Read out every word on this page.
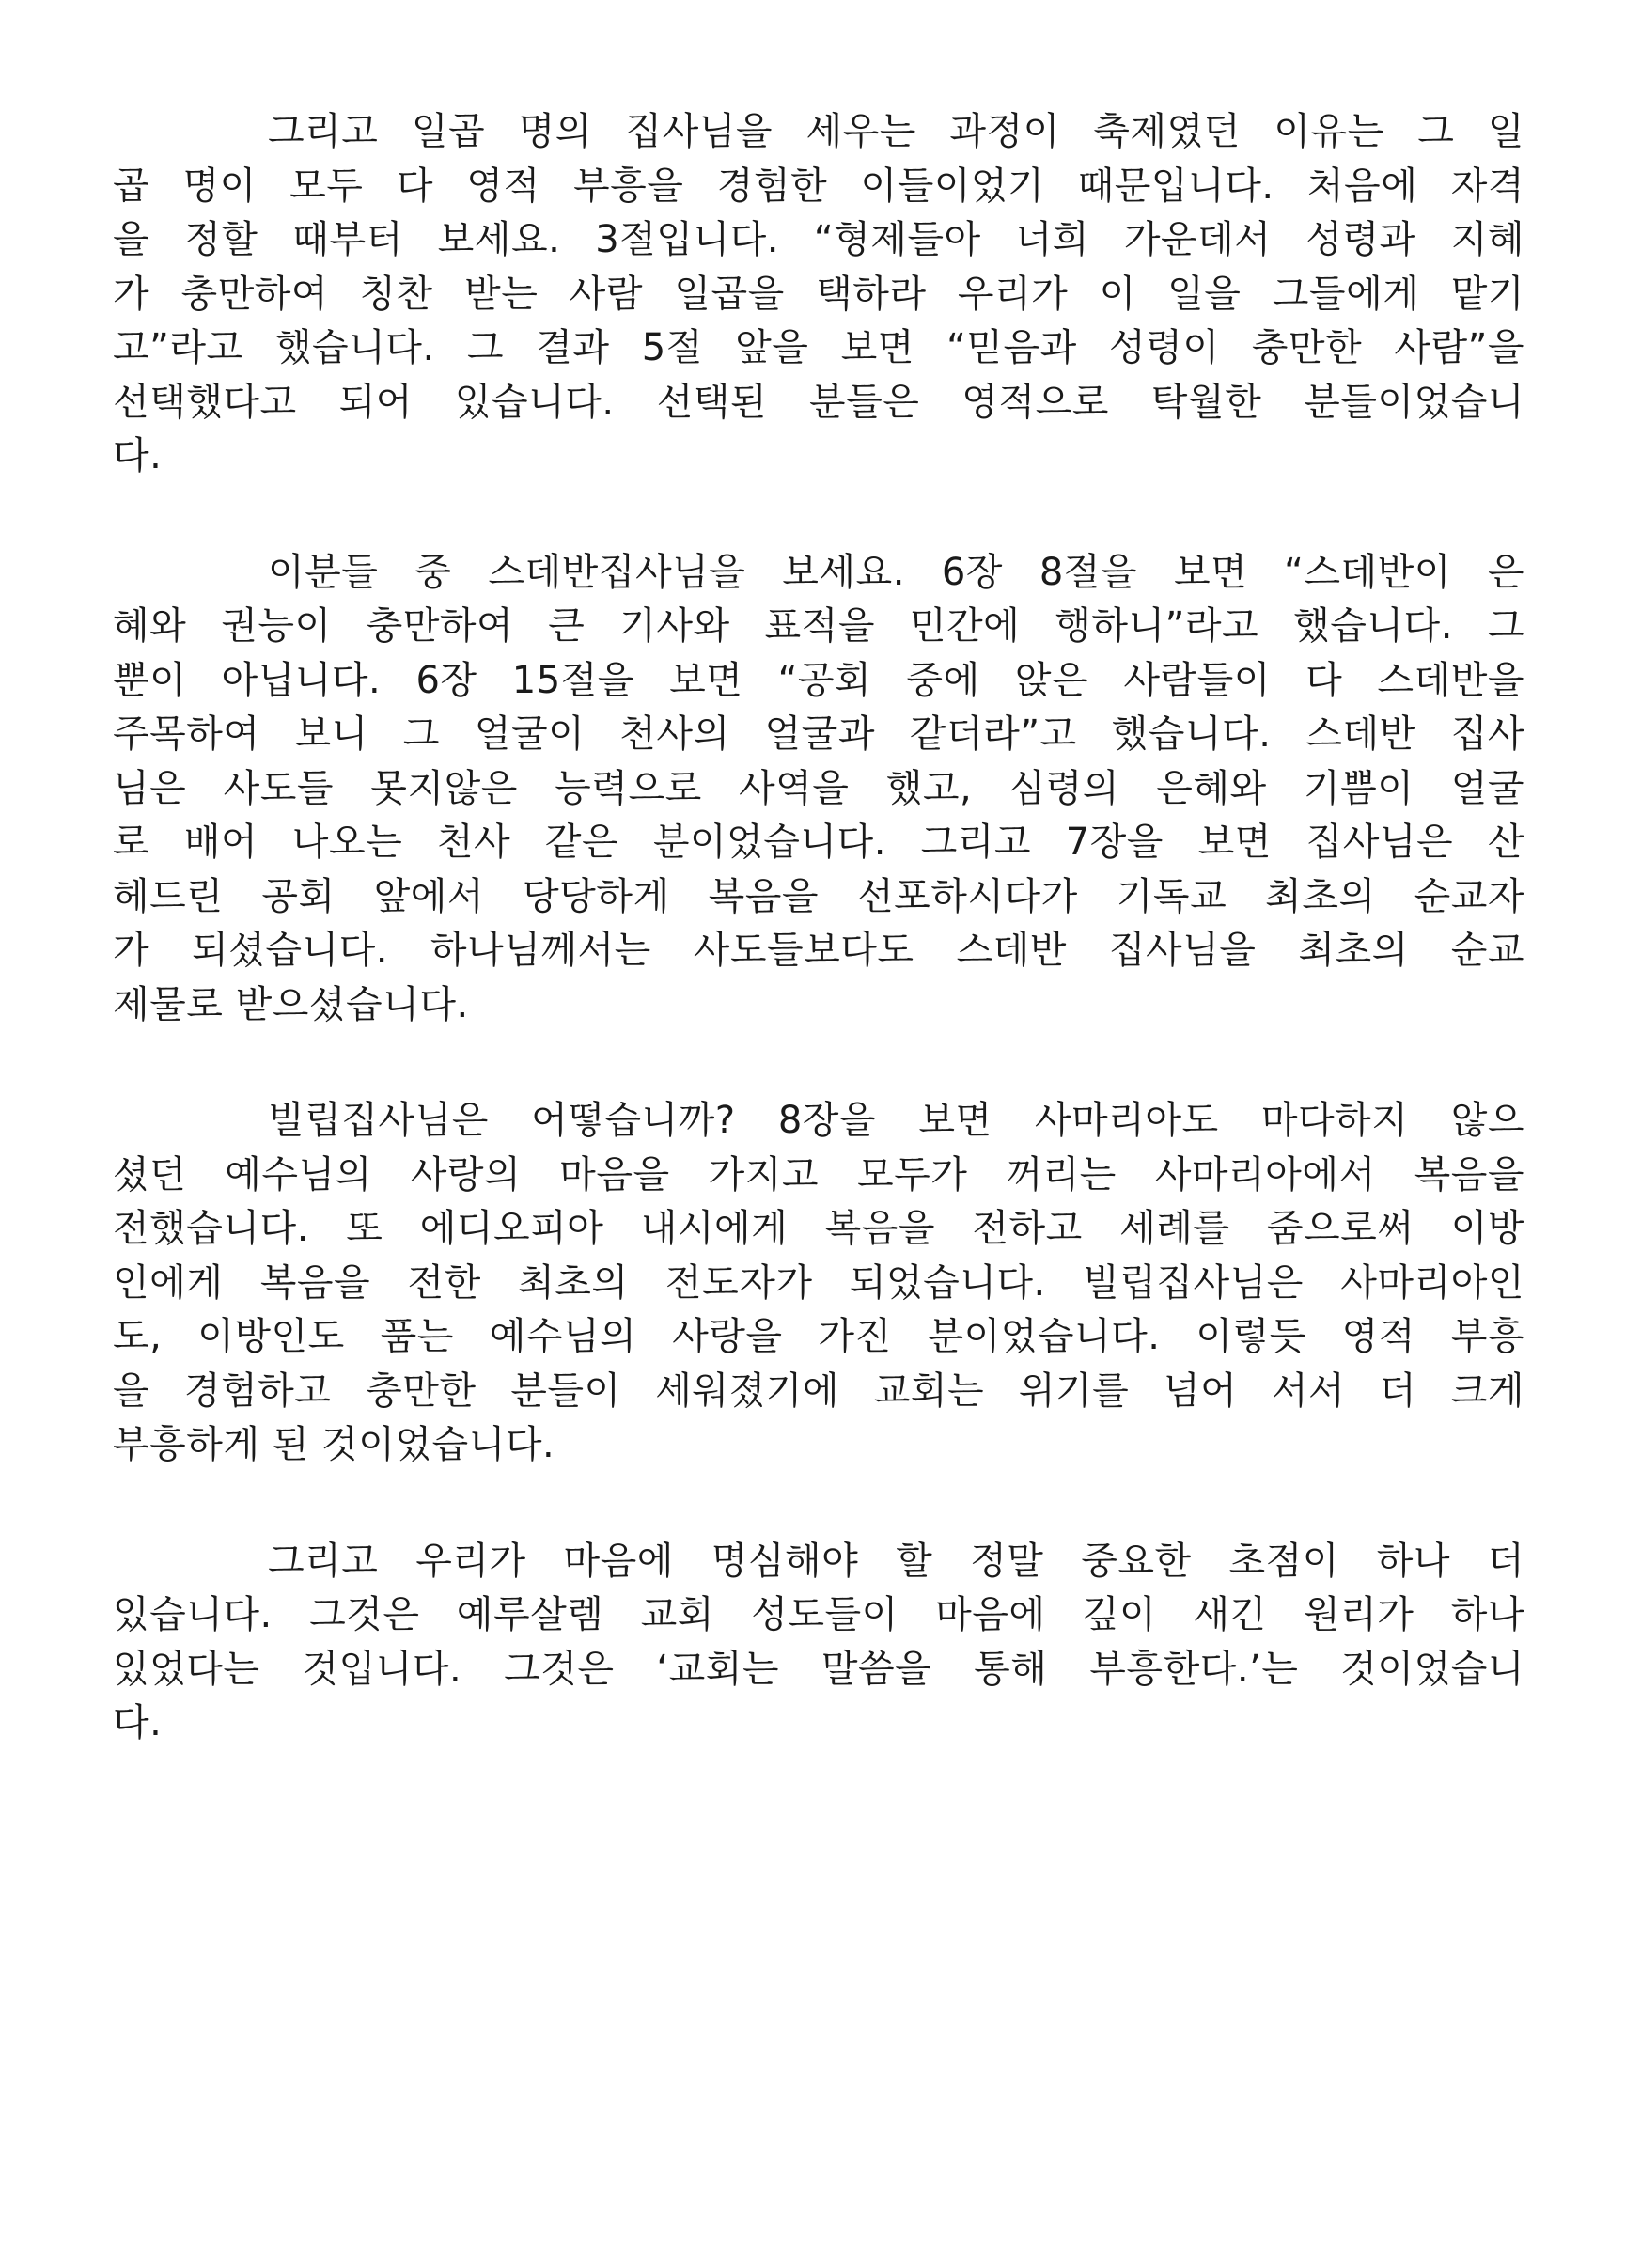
그리고 일곱 명의 집사님을 세우는 과정이 축제였던 이유는 그 일
곱 명이 모두 다 영적 부흥을 경험한 이들이었기 때문입니다. 처음에 자격
을 정할 때부터 보세요. 3절입니다. “형제들아 너희 가운데서 성령과 지혜
가 충만하여 칭찬 받는 사람 일곱을 택하라 우리가 이 일을 그들에게 맡기
고”라고 했습니다. 그 결과 5절 앞을 보면 “믿음과 성령이 충만한 사람”을
선택했다고 되어 있습니다. 선택된 분들은 영적으로 탁월한 분들이었습니
다.
이분들 중 스데반집사님을 보세요. 6장 8절을 보면 “스데반이 은
혜와 권능이 충만하여 큰 기사와 표적을 민간에 행하니”라고 했습니다. 그
뿐이 아닙니다. 6장 15절을 보면 “공회 중에 앉은 사람들이 다 스데반을
주목하여 보니 그 얼굴이 천사의 얼굴과 같더라”고 했습니다. 스데반 집사
님은 사도들 못지않은 능력으로 사역을 했고, 심령의 은혜와 기쁨이 얼굴
로 배어 나오는 천사 같은 분이었습니다. 그리고 7장을 보면 집사님은 산
헤드린 공회 앞에서 당당하게 복음을 선포하시다가 기독교 최초의 순교자
가 되셨습니다. 하나님께서는 사도들보다도 스데반 집사님을 최초의 순교
제물로 받으셨습니다.
빌립집사님은 어떻습니까? 8장을 보면 사마리아도 마다하지 않으
셨던 예수님의 사랑의 마음을 가지고 모두가 꺼리는 사마리아에서 복음을
전했습니다. 또 에디오피아 내시에게 복음을 전하고 세례를 줌으로써 이방
인에게 복음을 전한 최초의 전도자가 되었습니다. 빌립집사님은 사마리아인
도, 이방인도 품는 예수님의 사랑을 가진 분이었습니다. 이렇듯 영적 부흥
을 경험하고 충만한 분들이 세워졌기에 교회는 위기를 넘어 서서 더 크게
부흥하게 된 것이었습니다.
그리고 우리가 마음에 명심해야 할 정말 중요한 초점이 하나 더
있습니다. 그것은 예루살렘 교회 성도들이 마음에 깊이 새긴 원리가 하나
있었다는 것입니다. 그것은 ‘교회는 말씀을 통해 부흥한다.’는 것이었습니
다.
